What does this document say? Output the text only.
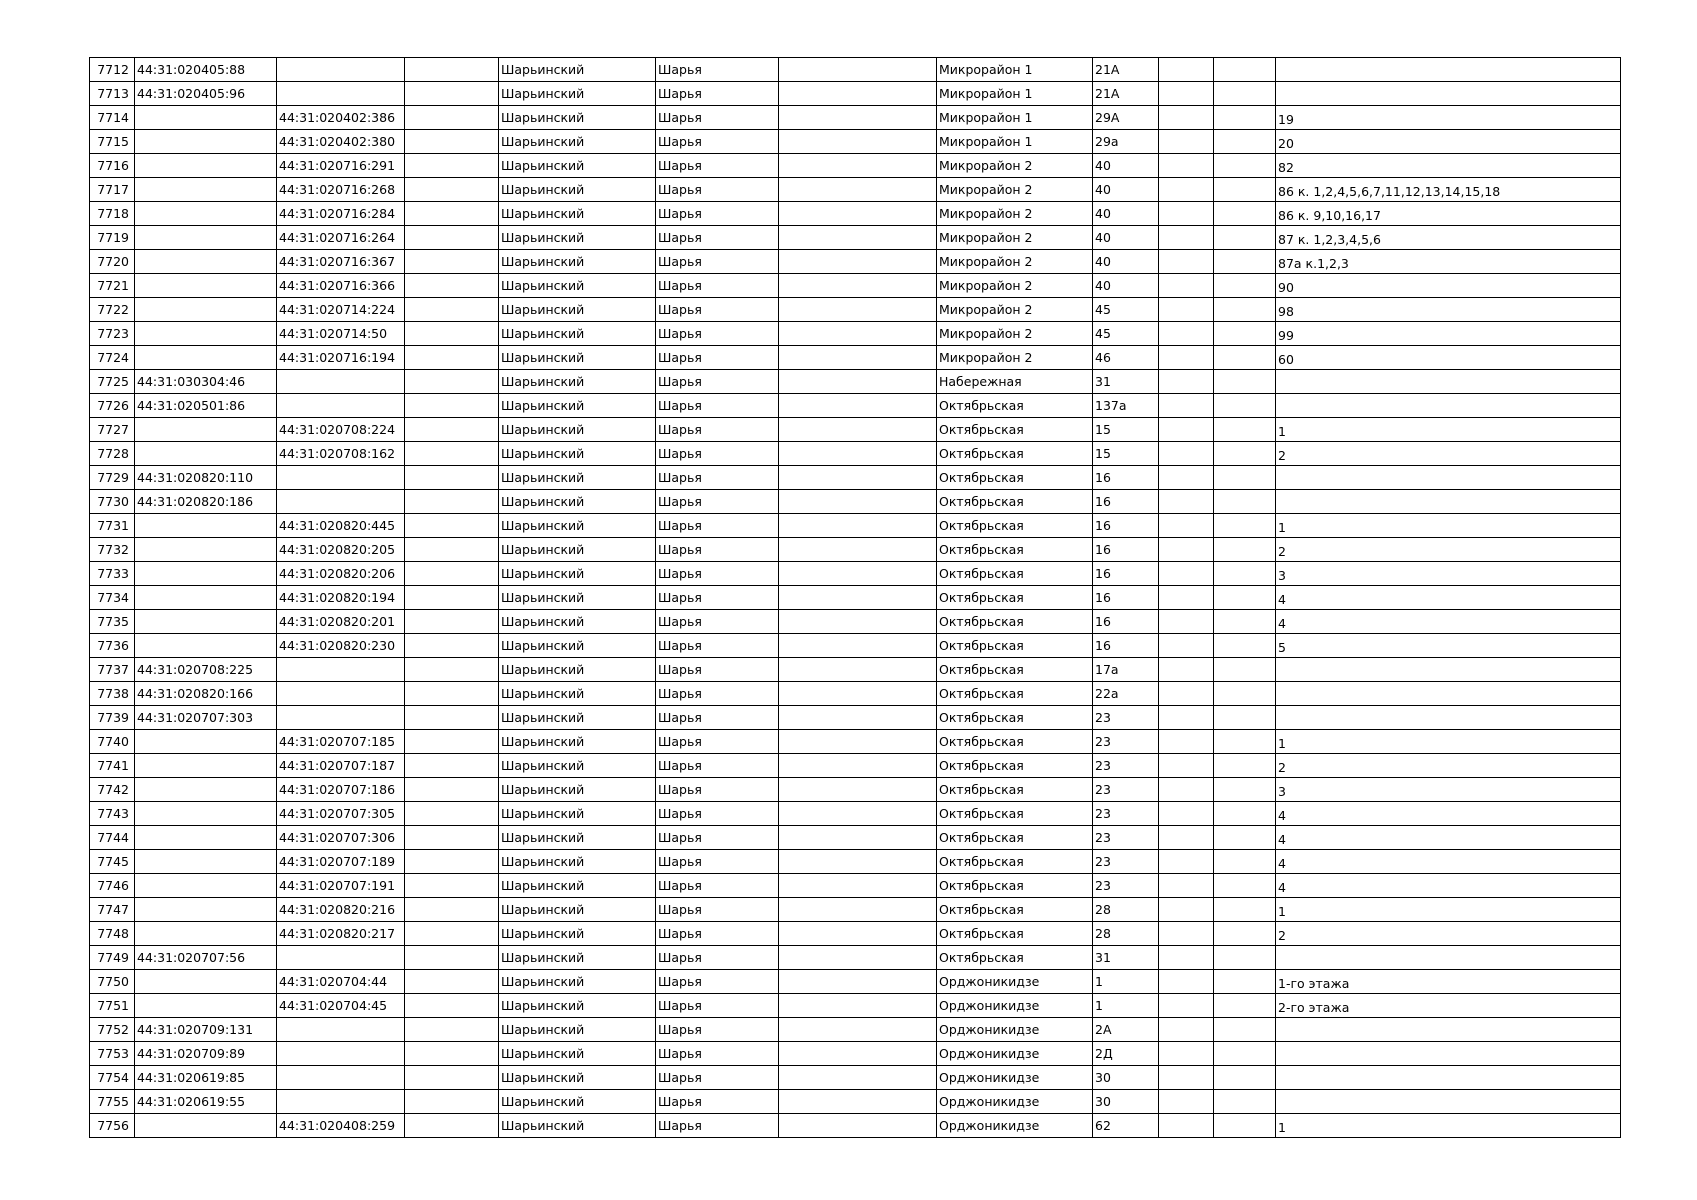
7712	44:31:020405:88			Шарьинский	Шарья		Микрорайон 1	21А			
7713	44:31:020405:96			Шарьинский	Шарья		Микрорайон 1	21А			
7714		44:31:020402:386		Шарьинский	Шарья		Микрорайон 1	29А			19
7715		44:31:020402:380		Шарьинский	Шарья		Микрорайон 1	29а			20
7716		44:31:020716:291		Шарьинский	Шарья		Микрорайон 2	40			82
7717		44:31:020716:268		Шарьинский	Шарья		Микрорайон 2	40			86 к. 1,2,4,5,6,7,11,12,13,14,15,18
7718		44:31:020716:284		Шарьинский	Шарья		Микрорайон 2	40			86 к. 9,10,16,17
7719		44:31:020716:264		Шарьинский	Шарья		Микрорайон 2	40			87 к. 1,2,3,4,5,6
7720		44:31:020716:367		Шарьинский	Шарья		Микрорайон 2	40			87а к.1,2,3
7721		44:31:020716:366		Шарьинский	Шарья		Микрорайон 2	40			90
7722		44:31:020714:224		Шарьинский	Шарья		Микрорайон 2	45			98
7723		44:31:020714:50		Шарьинский	Шарья		Микрорайон 2	45			99
7724		44:31:020716:194		Шарьинский	Шарья		Микрорайон 2	46			60
7725	44:31:030304:46			Шарьинский	Шарья		Набережная	31			
7726	44:31:020501:86			Шарьинский	Шарья		Октябрьская	137а			
7727		44:31:020708:224		Шарьинский	Шарья		Октябрьская	15			1
7728		44:31:020708:162		Шарьинский	Шарья		Октябрьская	15			2
7729	44:31:020820:110			Шарьинский	Шарья		Октябрьская	16			
7730	44:31:020820:186			Шарьинский	Шарья		Октябрьская	16			
7731		44:31:020820:445		Шарьинский	Шарья		Октябрьская	16			1
7732		44:31:020820:205		Шарьинский	Шарья		Октябрьская	16			2
7733		44:31:020820:206		Шарьинский	Шарья		Октябрьская	16			3
7734		44:31:020820:194		Шарьинский	Шарья		Октябрьская	16			4
7735		44:31:020820:201		Шарьинский	Шарья		Октябрьская	16			4
7736		44:31:020820:230		Шарьинский	Шарья		Октябрьская	16			5
7737	44:31:020708:225			Шарьинский	Шарья		Октябрьская	17а			
7738	44:31:020820:166			Шарьинский	Шарья		Октябрьская	22а			
7739	44:31:020707:303			Шарьинский	Шарья		Октябрьская	23			
7740		44:31:020707:185		Шарьинский	Шарья		Октябрьская	23			1
7741		44:31:020707:187		Шарьинский	Шарья		Октябрьская	23			2
7742		44:31:020707:186		Шарьинский	Шарья		Октябрьская	23			3
7743		44:31:020707:305		Шарьинский	Шарья		Октябрьская	23			4
7744		44:31:020707:306		Шарьинский	Шарья		Октябрьская	23			4
7745		44:31:020707:189		Шарьинский	Шарья		Октябрьская	23			4
7746		44:31:020707:191		Шарьинский	Шарья		Октябрьская	23			4
7747		44:31:020820:216		Шарьинский	Шарья		Октябрьская	28			1
7748		44:31:020820:217		Шарьинский	Шарья		Октябрьская	28			2
7749	44:31:020707:56			Шарьинский	Шарья		Октябрьская	31			
7750		44:31:020704:44		Шарьинский	Шарья		Орджоникидзе	1			1-го этажа
7751		44:31:020704:45		Шарьинский	Шарья		Орджоникидзе	1			2-го этажа
7752	44:31:020709:131			Шарьинский	Шарья		Орджоникидзе	2А			
7753	44:31:020709:89			Шарьинский	Шарья		Орджоникидзе	2Д			
7754	44:31:020619:85			Шарьинский	Шарья		Орджоникидзе	30			
7755	44:31:020619:55			Шарьинский	Шарья		Орджоникидзе	30			
7756		44:31:020408:259		Шарьинский	Шарья		Орджоникидзе	62			1
